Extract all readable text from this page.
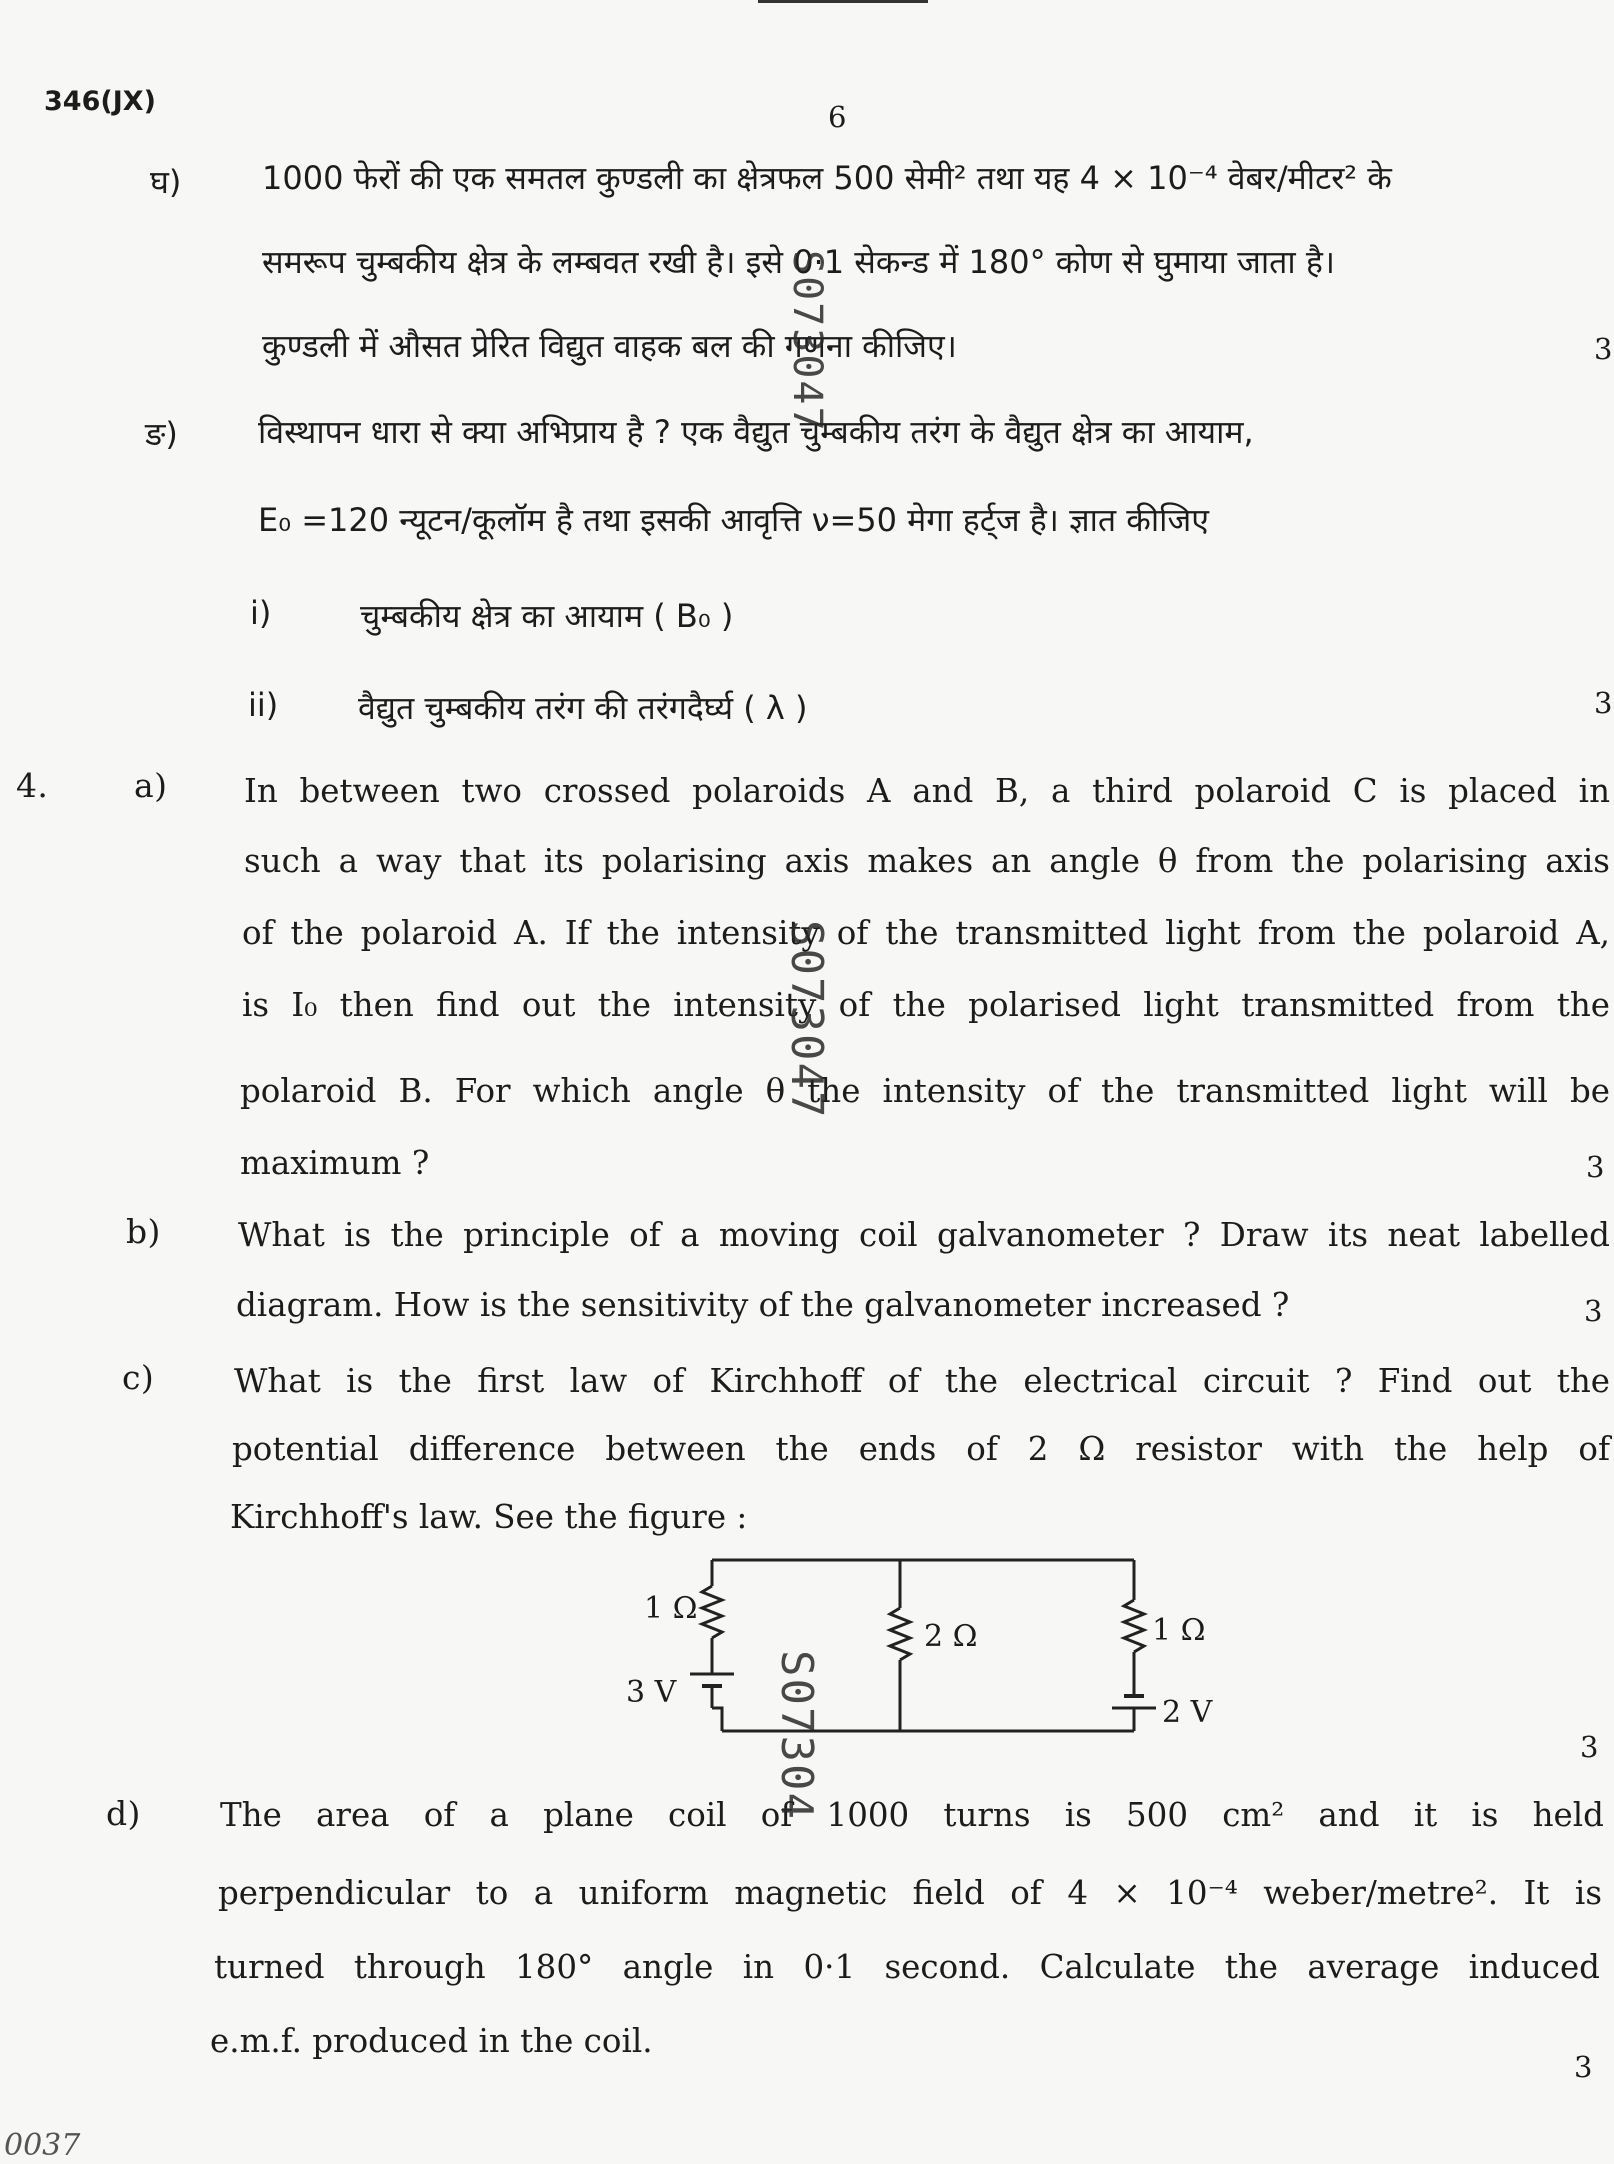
346(JX)	6
घ)	1000 फेरों की एक समतल कुण्डली का क्षेत्रफल 500 सेमी² तथा यह 4 × 10⁻⁴ वेबर/मीटर² के
समरूप चुम्बकीय क्षेत्र के लम्बवत रखी है। इसे 0·1 सेकन्ड में 180° कोण से घुमाया जाता है।
कुण्डली में औसत प्रेरित विद्युत वाहक बल की गणना कीजिए।	3
ङ)	विस्थापन धारा से क्या अभिप्राय है ? एक वैद्युत चुम्बकीय तरंग के वैद्युत क्षेत्र का आयाम,
E₀ =120 न्यूटन/कूलॉम है तथा इसकी आवृत्ति ν=50 मेगा हर्ट्ज है। ज्ञात कीजिए
i)	चुम्बकीय क्षेत्र का आयाम ( B₀ )
ii) वैद्युत चुम्बकीय तरंग की तरंगदैर्घ्य ( λ )	3
4.	a) In between two crossed polaroids A and B, a third polaroid C is placed in
such a way that its polarising axis makes an angle θ from the polarising axis
of the polaroid A. If the intensity of the transmitted light from the polaroid A,
is I₀ then find out the intensity of the polarised light transmitted from the
polaroid B. For which angle θ the intensity of the transmitted light will be
maximum ?	3
b) What is the principle of a moving coil galvanometer ? Draw its neat labelled
diagram. How is the sensitivity of the galvanometer increased ?	3
c) What is the first law of Kirchhoff of the electrical circuit ? Find out the
potential difference between the ends of 2 Ω resistor with the help of
Kirchhoff's law. See the figure :
1 Ω
3 V
2 Ω	1 Ω
2 V
3
d) The area of a plane coil of 1000 turns is 500 cm² and it is held
perpendicular to a uniform magnetic field of 4 × 10⁻⁴ weber/metre². It is
turned through 180° angle in 0·1 second. Calculate the average induced
e.m.f. produced in the coil.
3
S073047
S073047
S07304
0037
